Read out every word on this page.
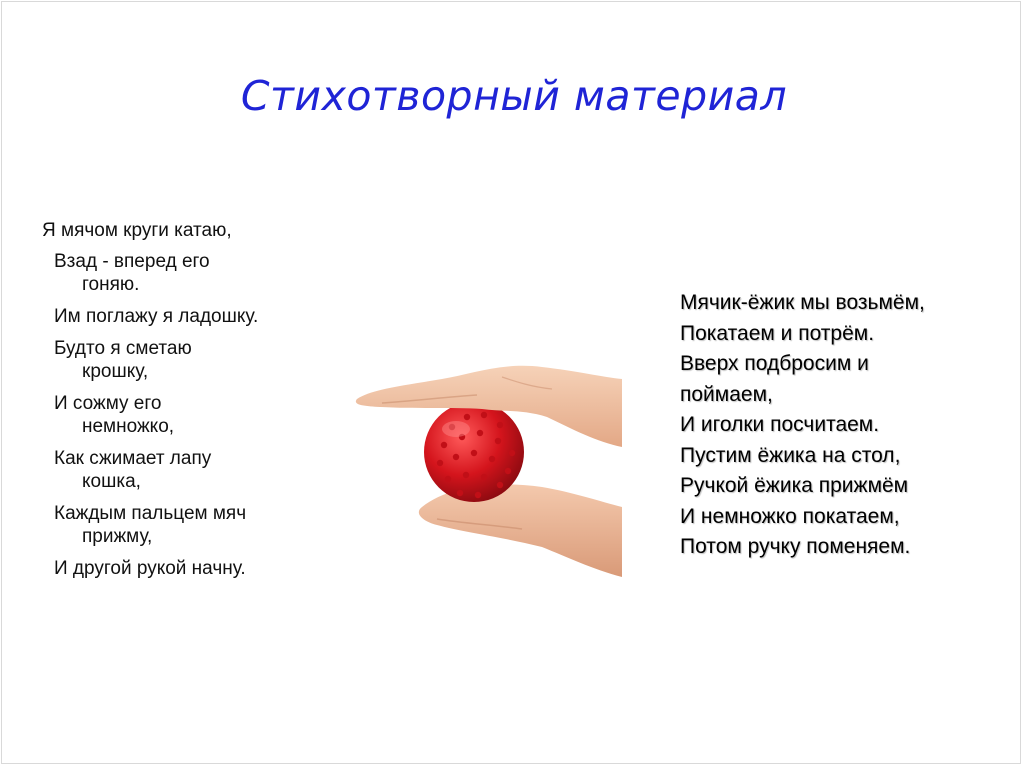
Стихотворный материал

Я мячом круги катаю,

Взад - вперед его

гоняю.

Им поглажу я ладошку.

Будто я сметаю

крошку,

И сожму его

немножко,

Как сжимает лапу

кошка,

Каждым пальцем мяч

прижму,

И другой рукой начну.

Мячик-ёжик мы возьмём,

Покатаем и потрём.

Вверх подбросим и

поймаем,

И иголки посчитаем.

Пустим ёжика на стол,

Ручкой ёжика прижмём

И немножко покатаем,

Потом ручку поменяем.
